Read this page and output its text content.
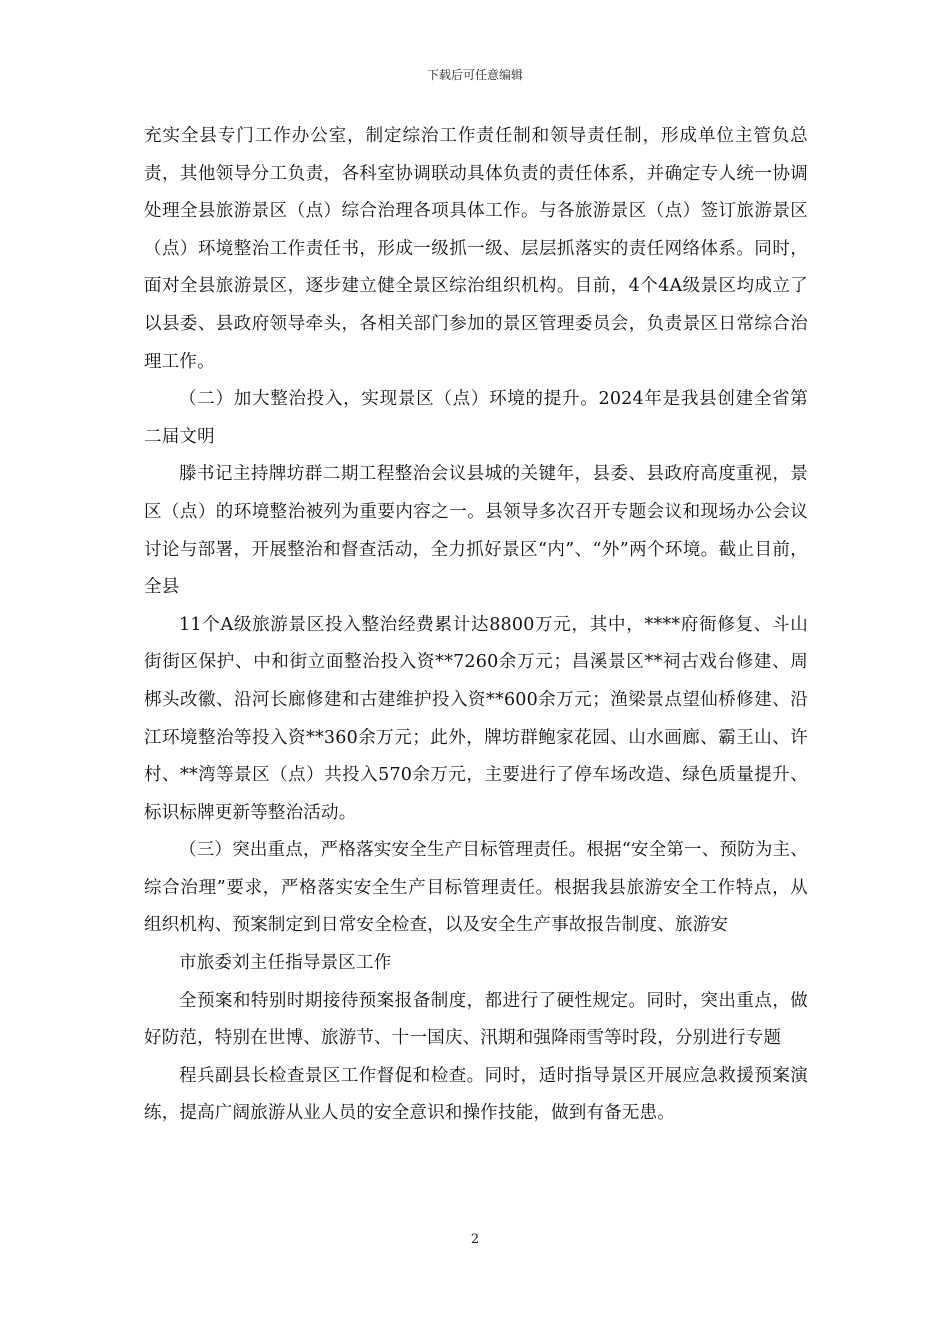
下载后可任意编辑

充实全县专门工作办公室，制定综治工作责任制和领导责任制，形成单位主管负总责，其他领导分工负责，各科室协调联动具体负责的责任体系，并确定专人统一协调处理全县旅游景区（点）综合治理各项具体工作。与各旅游景区（点）签订旅游景区（点）环境整治工作责任书，形成一级抓一级、层层抓落实的责任网络体系。同时，面对全县旅游景区，逐步建立健全景区综治组织机构。目前，4个4A级景区均成立了以县委、县政府领导牵头，各相关部门参加的景区管理委员会，负责景区日常综合治理工作。

（二）加大整治投入，实现景区（点）环境的提升。2024年是我县创建全省第二届文明

滕书记主持牌坊群二期工程整治会议县城的关键年，县委、县政府高度重视，景区（点）的环境整治被列为重要内容之一。县领导多次召开专题会议和现场办公会议讨论与部署，开展整治和督查活动，全力抓好景区“内”、“外”两个环境。截止目前，全县

11个A级旅游景区投入整治经费累计达8800万元，其中，****府衙修复、斗山街街区保护、中和街立面整治投入资**7260余万元；昌溪景区**祠古戏台修建、周梆头改徽、沿河长廊修建和古建维护投入资**600余万元；渔梁景点望仙桥修建、沿江环境整治等投入资**360余万元；此外，牌坊群鲍家花园、山水画廊、霸王山、许村、**湾等景区（点）共投入570余万元，主要进行了停车场改造、绿色质量提升、标识标牌更新等整治活动。

（三）突出重点，严格落实安全生产目标管理责任。根据“安全第一、预防为主、综合治理”要求，严格落实安全生产目标管理责任。根据我县旅游安全工作特点，从组织机构、预案制定到日常安全检查，以及安全生产事故报告制度、旅游安

市旅委刘主任指导景区工作

全预案和特别时期接待预案报备制度，都进行了硬性规定。同时，突出重点，做好防范，特别在世博、旅游节、十一国庆、汛期和强降雨雪等时段，分别进行专题

程兵副县长检查景区工作督促和检查。同时，适时指导景区开展应急救援预案演练，提高广阔旅游从业人员的安全意识和操作技能，做到有备无患。

2
